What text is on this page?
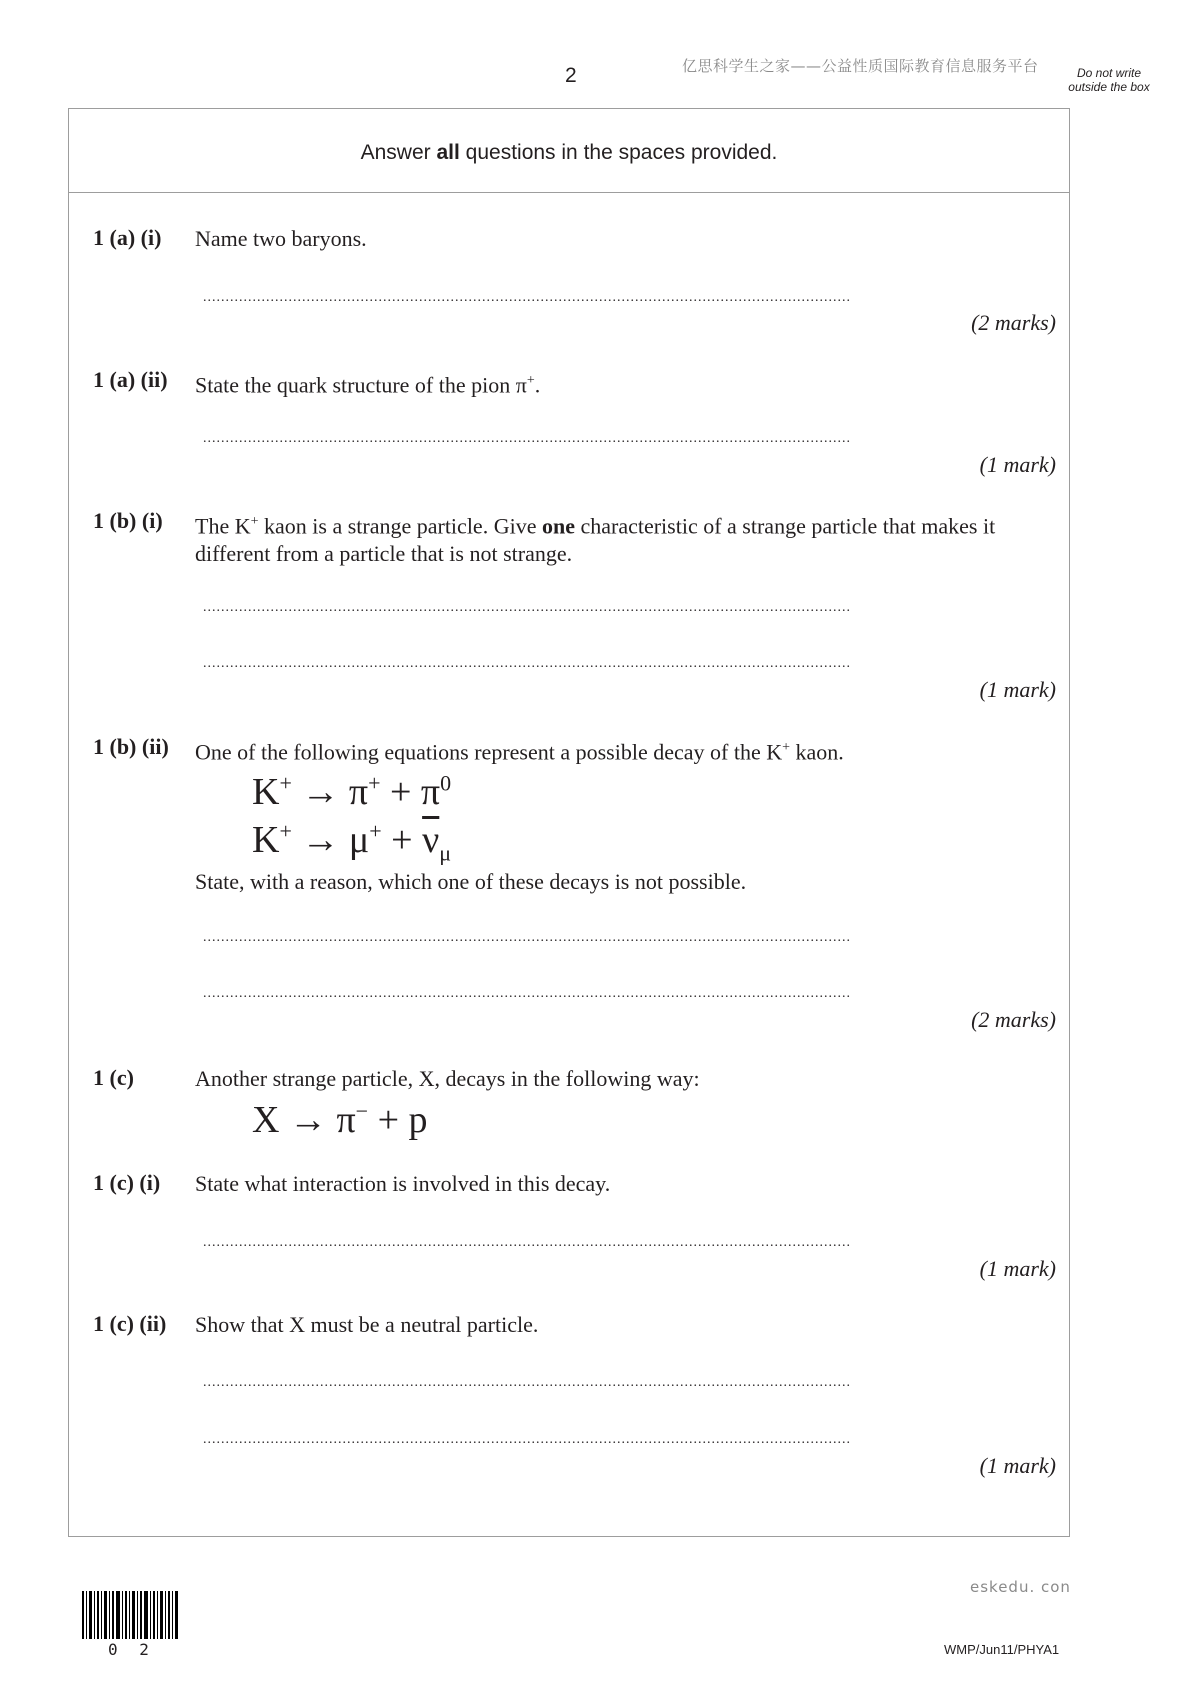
2	亿思科学生之家——公益性质国际教育信息服务平台	Do not write outside the box
Answer all questions in the spaces provided.
1 (a) (i) Name two baryons.
................................................................................................................................................
(2 marks)
1 (a) (ii) State the quark structure of the pion π+.
................................................................................................................................................
(1 mark)
1 (b) (i) The K+ kaon is a strange particle. Give one characteristic of a strange particle that makes it different from a particle that is not strange.
................................................................................................................................................
................................................................................................................................................
(1 mark)
1 (b) (ii) One of the following equations represent a possible decay of the K+ kaon.
$K^+ \to \pi^+ + \pi^0$
$K^+ \to \mu^+ + \overline{\nu}_\mu$
State, with a reason, which one of these decays is not possible.
................................................................................................................................................
................................................................................................................................................
(2 marks)
1 (c)	Another strange particle, X, decays in the following way:
X → π− + p
1 (c) (i) State what interaction is involved in this decay.
................................................................................................................................................
(1 mark)
1 (c) (ii) Show that X must be a neutral particle.
................................................................................................................................................
................................................................................................................................................
(1 mark)
eskedu. con
0 2	WMP/Jun11/PHYA1
